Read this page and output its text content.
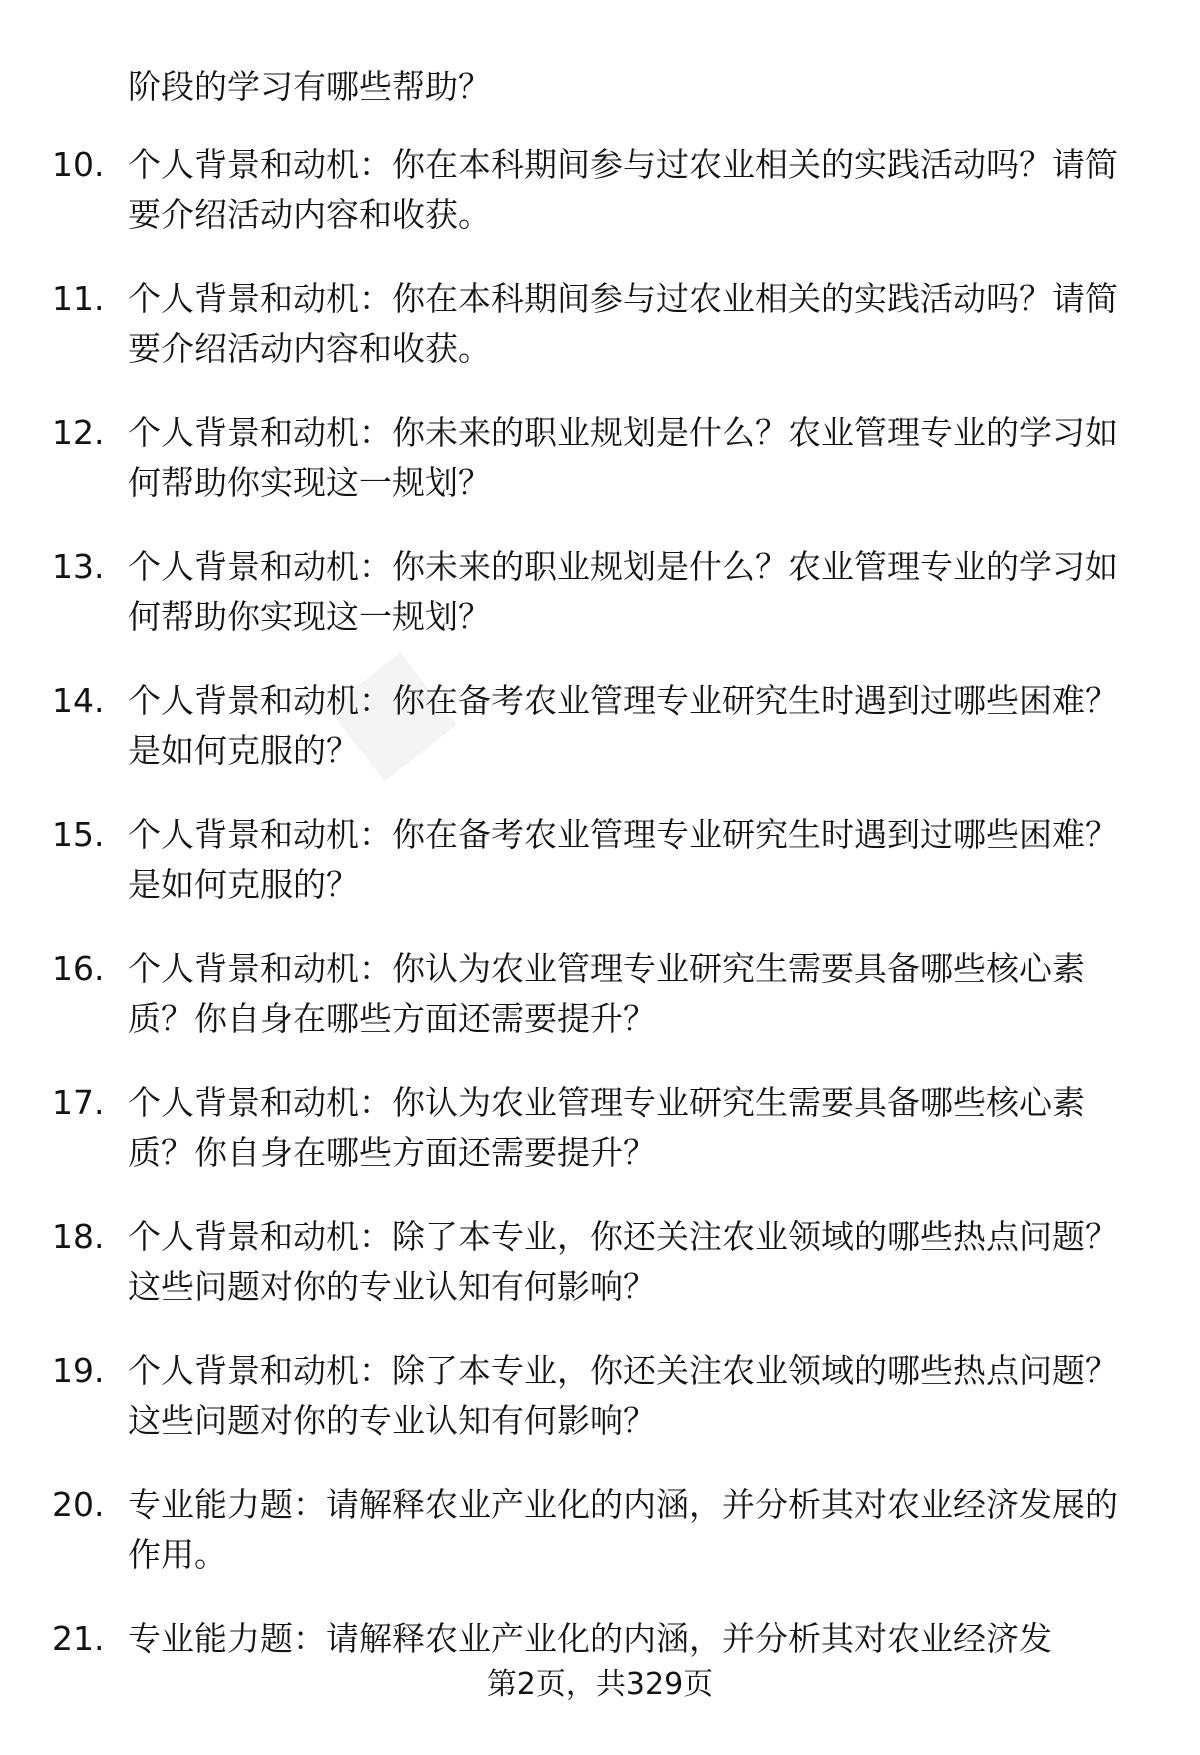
阶段的学习有哪些帮助？
10. 个人背景和动机：你在本科期间参与过农业相关的实践活动吗？请简要介绍活动内容和收获。
11. 个人背景和动机：你在本科期间参与过农业相关的实践活动吗？请简要介绍活动内容和收获。
12. 个人背景和动机：你未来的职业规划是什么？农业管理专业的学习如何帮助你实现这一规划？
13. 个人背景和动机：你未来的职业规划是什么？农业管理专业的学习如何帮助你实现这一规划？
14. 个人背景和动机：你在备考农业管理专业研究生时遇到过哪些困难？是如何克服的？
15. 个人背景和动机：你在备考农业管理专业研究生时遇到过哪些困难？是如何克服的？
16. 个人背景和动机：你认为农业管理专业研究生需要具备哪些核心素质？你自身在哪些方面还需要提升？
17. 个人背景和动机：你认为农业管理专业研究生需要具备哪些核心素质？你自身在哪些方面还需要提升？
18. 个人背景和动机：除了本专业，你还关注农业领域的哪些热点问题？这些问题对你的专业认知有何影响？
19. 个人背景和动机：除了本专业，你还关注农业领域的哪些热点问题？这些问题对你的专业认知有何影响？
20. 专业能力题：请解释农业产业化的内涵，并分析其对农业经济发展的作用。
21. 专业能力题：请解释农业产业化的内涵，并分析其对农业经济发
第2页，共329页
